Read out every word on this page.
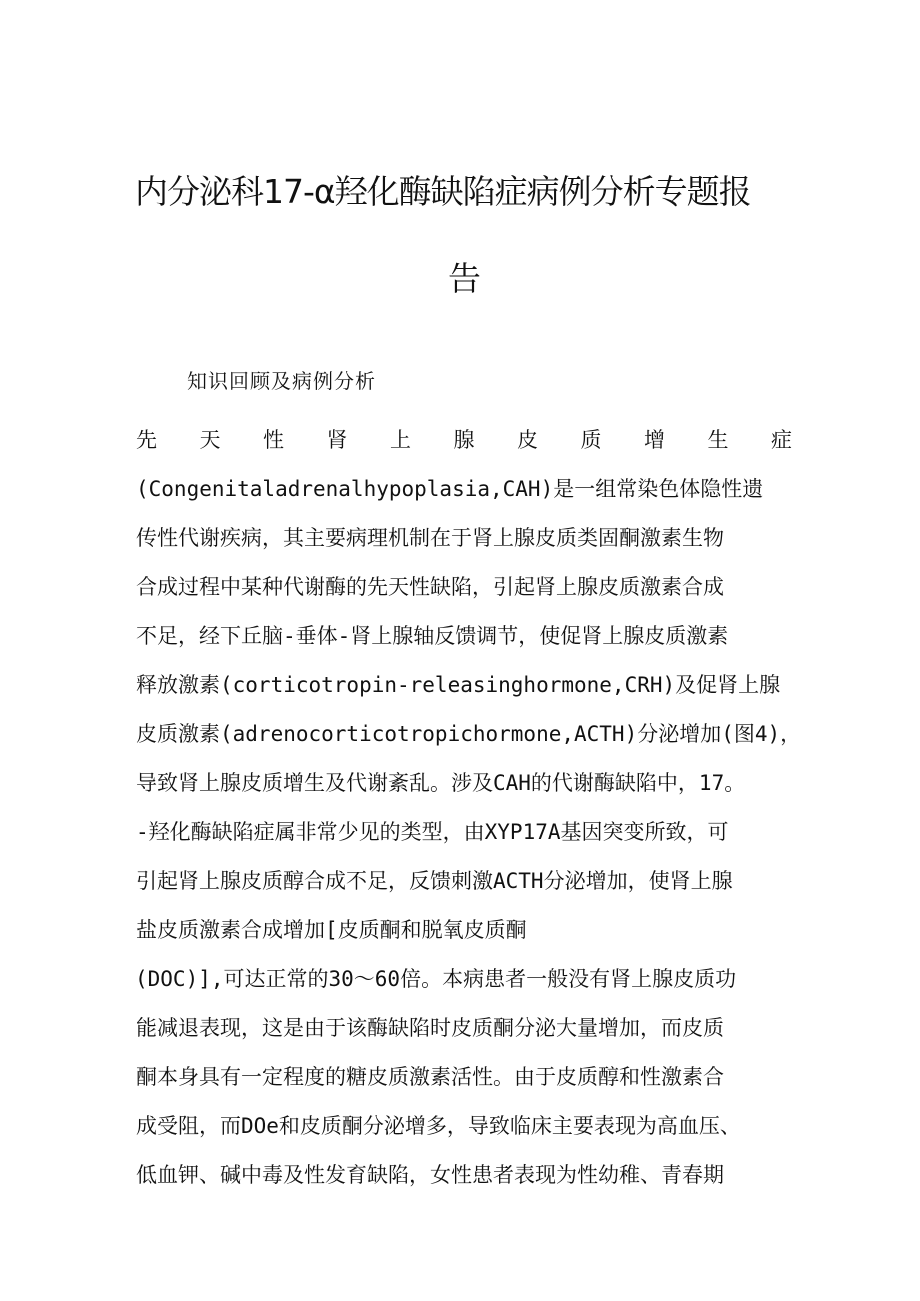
内分泌科17-α羟化酶缺陷症病例分析专题报
告
知识回顾及病例分析
先 天 性 肾 上 腺 皮 质 增 生 症
(Congenitaladrenalhypoplasia,CAH)是一组常染色体隐性遗
传性代谢疾病，其主要病理机制在于肾上腺皮质类固酮激素生物
合成过程中某种代谢酶的先天性缺陷，引起肾上腺皮质激素合成
不足，经下丘脑-垂体-肾上腺轴反馈调节，使促肾上腺皮质激素
释放激素(corticotropin-releasinghormone,CRH)及促肾上腺
皮质激素(adrenocorticotropichormone,ACTH)分泌增加(图4)，
导致肾上腺皮质增生及代谢紊乱。涉及CAH的代谢酶缺陷中，17。
-羟化酶缺陷症属非常少见的类型，由XYP17A基因突变所致，可
引起肾上腺皮质醇合成不足，反馈刺激ACTH分泌增加，使肾上腺
盐皮质激素合成增加[皮质酮和脱氧皮质酮
(DOC)],可达正常的30～60倍。本病患者一般没有肾上腺皮质功
能减退表现，这是由于该酶缺陷时皮质酮分泌大量增加，而皮质
酮本身具有一定程度的糖皮质激素活性。由于皮质醇和性激素合
成受阻，而DOe和皮质酮分泌增多，导致临床主要表现为高血压、
低血钾、碱中毒及性发育缺陷，女性患者表现为性幼稚、青春期
